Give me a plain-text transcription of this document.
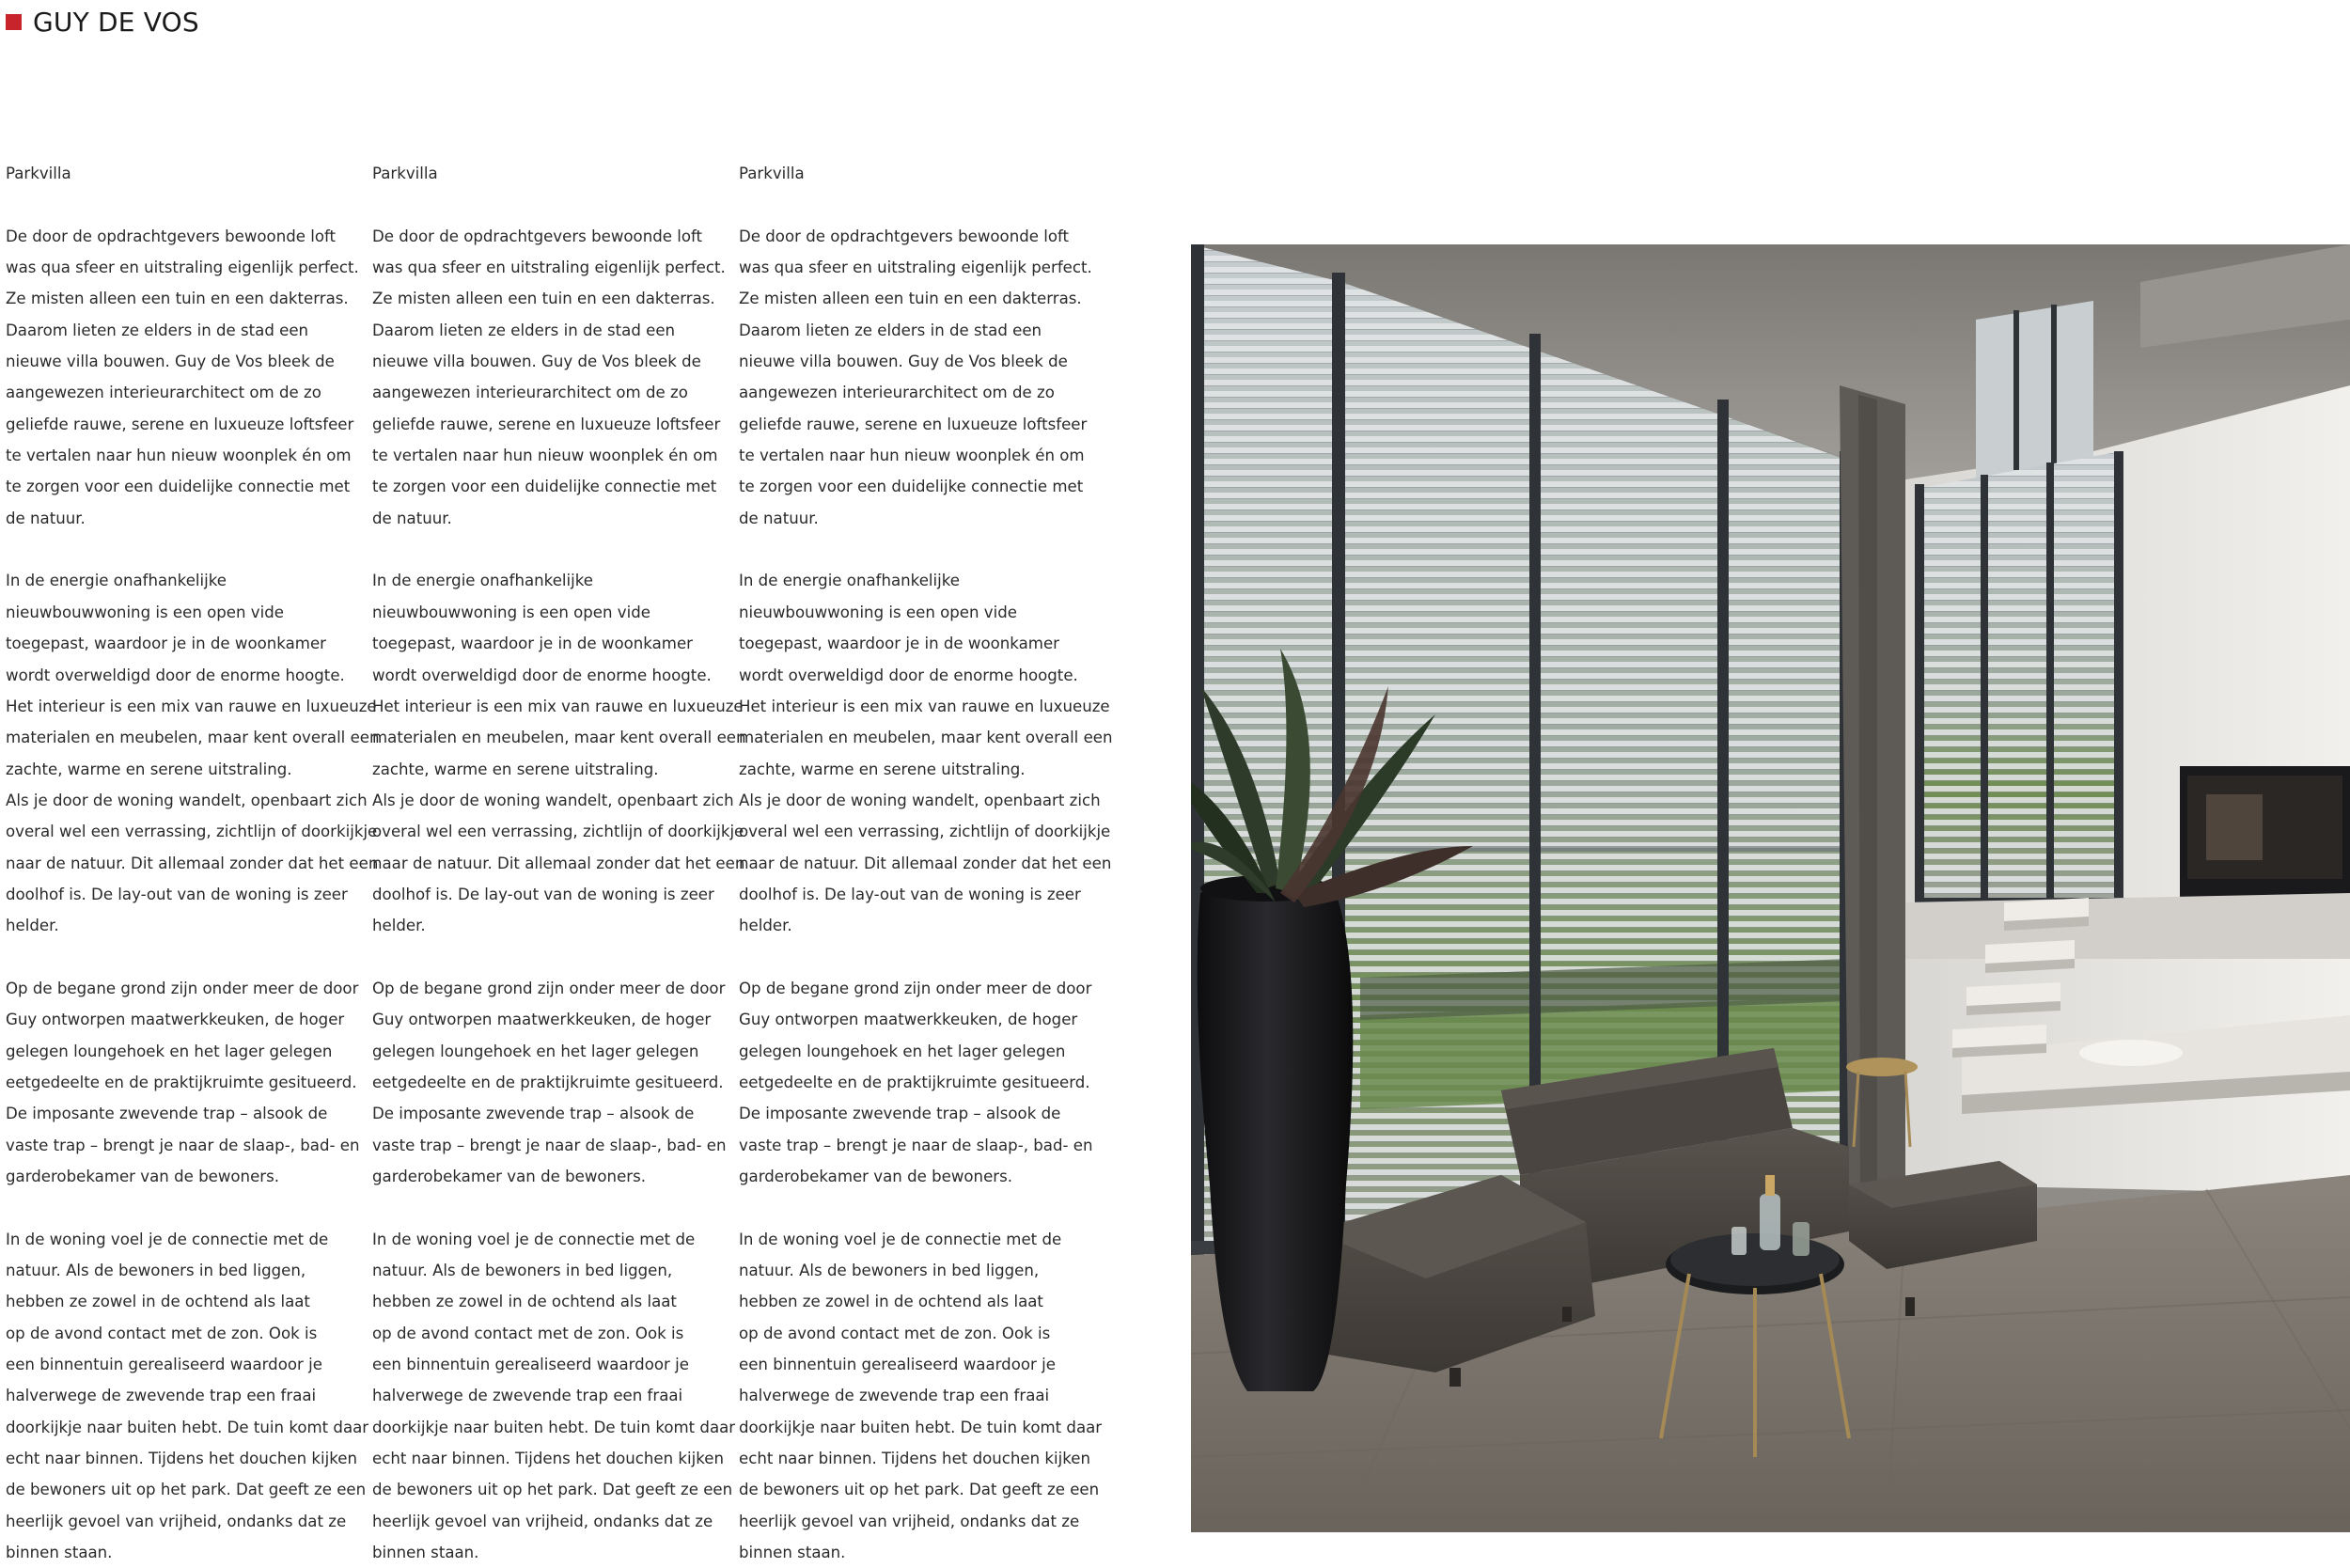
GUY DE VOS
Parkvilla
De door de opdrachtgevers bewoonde loft
was qua sfeer en uitstraling eigenlijk perfect.
Ze misten alleen een tuin en een dakterras.
Daarom lieten ze elders in de stad een
nieuwe villa bouwen. Guy de Vos bleek de
aangewezen interieurarchitect om de zo
geliefde rauwe, serene en luxueuze loftsfeer
te vertalen naar hun nieuw woonplek én om
te zorgen voor een duidelijke connectie met
de natuur.
In de energie onafhankelijke
nieuwbouwwoning is een open vide
toegepast, waardoor je in de woonkamer
wordt overweldigd door de enorme hoogte.
Het interieur is een mix van rauwe en luxueuze
materialen en meubelen, maar kent overall een
zachte, warme en serene uitstraling.
Als je door de woning wandelt, openbaart zich
overal wel een verrassing, zichtlijn of doorkijkje
naar de natuur. Dit allemaal zonder dat het een
doolhof is. De lay-out van de woning is zeer
helder.
Op de begane grond zijn onder meer de door
Guy ontworpen maatwerkkeuken, de hoger
gelegen loungehoek en het lager gelegen
eetgedeelte en de praktijkruimte gesitueerd.
De imposante zwevende trap – alsook de
vaste trap – brengt je naar de slaap-, bad- en
garderobekamer van de bewoners.
In de woning voel je de connectie met de
natuur. Als de bewoners in bed liggen,
hebben ze zowel in de ochtend als laat
op de avond contact met de zon. Ook is
een binnentuin gerealiseerd waardoor je
halverwege de zwevende trap een fraai
doorkijkje naar buiten hebt. De tuin komt daar
echt naar binnen. Tijdens het douchen kijken
de bewoners uit op het park. Dat geeft ze een
heerlijk gevoel van vrijheid, ondanks dat ze
binnen staan.
Parkvilla
De door de opdrachtgevers bewoonde loft
was qua sfeer en uitstraling eigenlijk perfect.
Ze misten alleen een tuin en een dakterras.
Daarom lieten ze elders in de stad een
nieuwe villa bouwen. Guy de Vos bleek de
aangewezen interieurarchitect om de zo
geliefde rauwe, serene en luxueuze loftsfeer
te vertalen naar hun nieuw woonplek én om
te zorgen voor een duidelijke connectie met
de natuur.
In de energie onafhankelijke
nieuwbouwwoning is een open vide
toegepast, waardoor je in de woonkamer
wordt overweldigd door de enorme hoogte.
Het interieur is een mix van rauwe en luxueuze
materialen en meubelen, maar kent overall een
zachte, warme en serene uitstraling.
Als je door de woning wandelt, openbaart zich
overal wel een verrassing, zichtlijn of doorkijkje
naar de natuur. Dit allemaal zonder dat het een
doolhof is. De lay-out van de woning is zeer
helder.
Op de begane grond zijn onder meer de door
Guy ontworpen maatwerkkeuken, de hoger
gelegen loungehoek en het lager gelegen
eetgedeelte en de praktijkruimte gesitueerd.
De imposante zwevende trap – alsook de
vaste trap – brengt je naar de slaap-, bad- en
garderobekamer van de bewoners.
In de woning voel je de connectie met de
natuur. Als de bewoners in bed liggen,
hebben ze zowel in de ochtend als laat
op de avond contact met de zon. Ook is
een binnentuin gerealiseerd waardoor je
halverwege de zwevende trap een fraai
doorkijkje naar buiten hebt. De tuin komt daar
echt naar binnen. Tijdens het douchen kijken
de bewoners uit op het park. Dat geeft ze een
heerlijk gevoel van vrijheid, ondanks dat ze
binnen staan.
Parkvilla
De door de opdrachtgevers bewoonde loft
was qua sfeer en uitstraling eigenlijk perfect.
Ze misten alleen een tuin en een dakterras.
Daarom lieten ze elders in de stad een
nieuwe villa bouwen. Guy de Vos bleek de
aangewezen interieurarchitect om de zo
geliefde rauwe, serene en luxueuze loftsfeer
te vertalen naar hun nieuw woonplek én om
te zorgen voor een duidelijke connectie met
de natuur.
In de energie onafhankelijke
nieuwbouwwoning is een open vide
toegepast, waardoor je in de woonkamer
wordt overweldigd door de enorme hoogte.
Het interieur is een mix van rauwe en luxueuze
materialen en meubelen, maar kent overall een
zachte, warme en serene uitstraling.
Als je door de woning wandelt, openbaart zich
overal wel een verrassing, zichtlijn of doorkijkje
naar de natuur. Dit allemaal zonder dat het een
doolhof is. De lay-out van de woning is zeer
helder.
Op de begane grond zijn onder meer de door
Guy ontworpen maatwerkkeuken, de hoger
gelegen loungehoek en het lager gelegen
eetgedeelte en de praktijkruimte gesitueerd.
De imposante zwevende trap – alsook de
vaste trap – brengt je naar de slaap-, bad- en
garderobekamer van de bewoners.
In de woning voel je de connectie met de
natuur. Als de bewoners in bed liggen,
hebben ze zowel in de ochtend als laat
op de avond contact met de zon. Ook is
een binnentuin gerealiseerd waardoor je
halverwege de zwevende trap een fraai
doorkijkje naar buiten hebt. De tuin komt daar
echt naar binnen. Tijdens het douchen kijken
de bewoners uit op het park. Dat geeft ze een
heerlijk gevoel van vrijheid, ondanks dat ze
binnen staan.
